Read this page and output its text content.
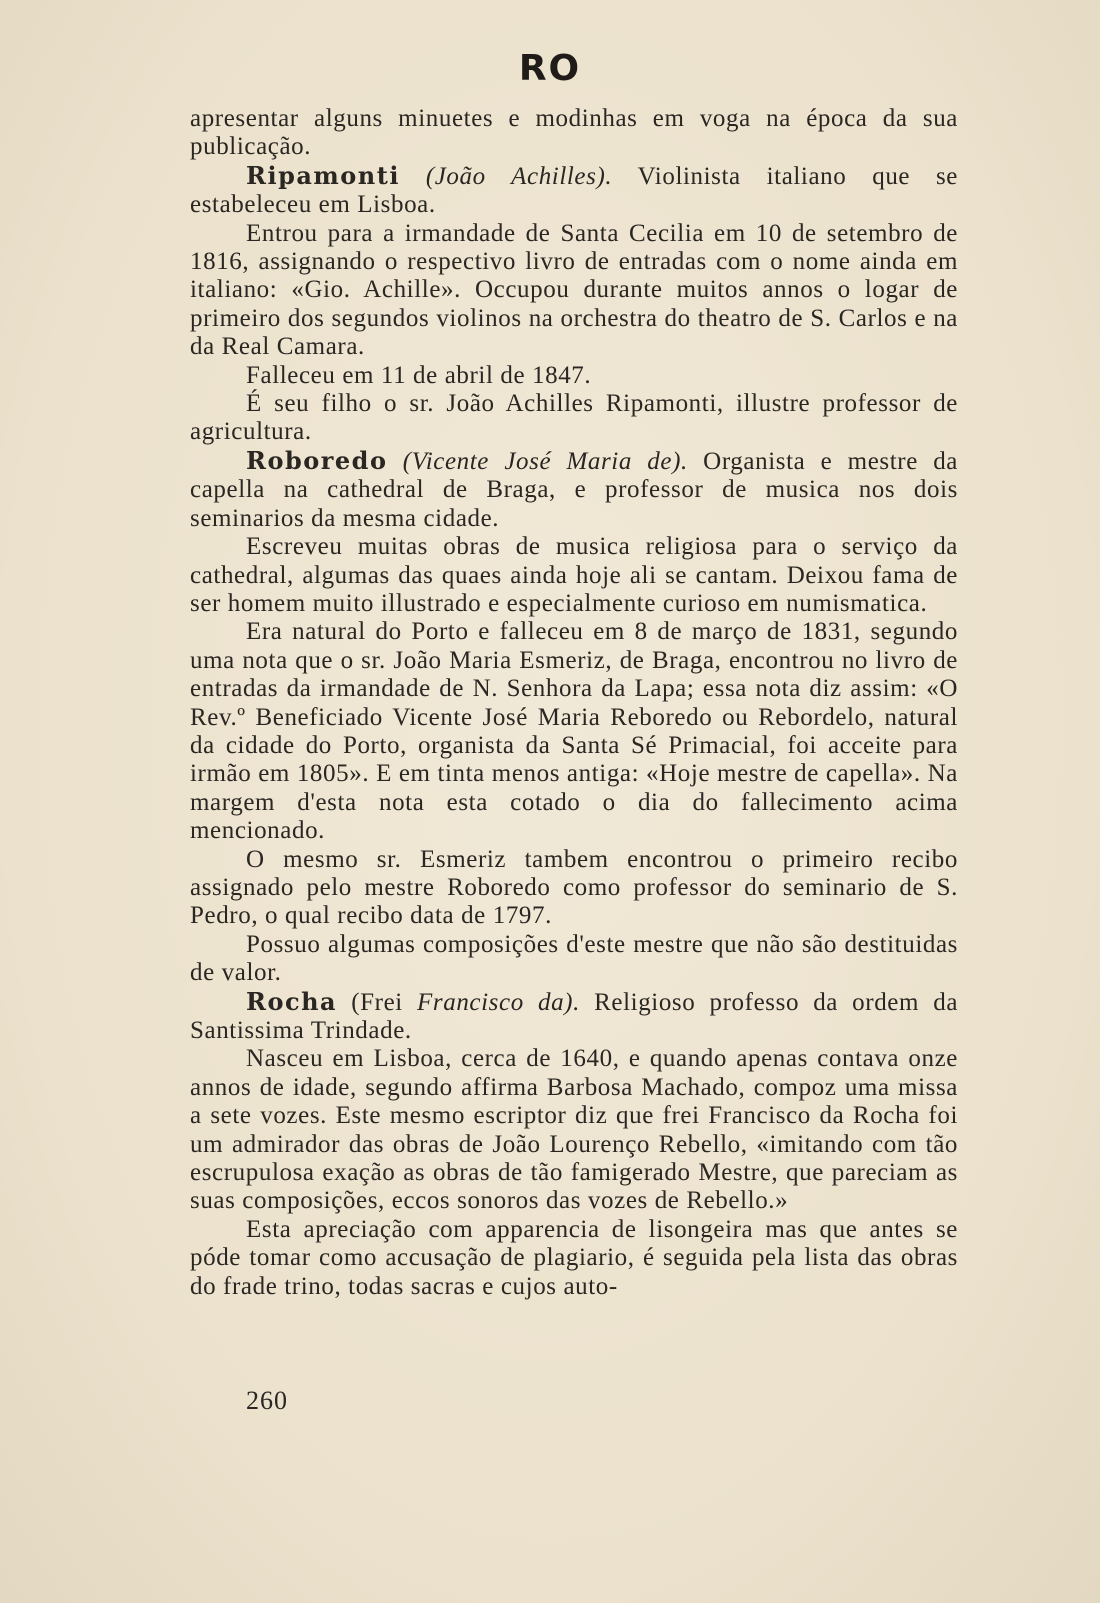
RO

apresentar alguns minuetes e modinhas em voga na época da sua publicação.

Ripamonti (João Achilles). Violinista italiano que se estabeleceu em Lisboa.

Entrou para a irmandade de Santa Cecilia em 10 de setembro de 1816, assignando o respectivo livro de entradas com o nome ainda em italiano: «Gio. Achille». Occupou durante muitos annos o logar de primeiro dos segundos violinos na orchestra do theatro de S. Carlos e na da Real Camara.

Falleceu em 11 de abril de 1847.

É seu filho o sr. João Achilles Ripamonti, illustre professor de agricultura.

Roboredo (Vicente José Maria de). Organista e mestre da capella na cathedral de Braga, e professor de musica nos dois seminarios da mesma cidade.

Escreveu muitas obras de musica religiosa para o serviço da cathedral, algumas das quaes ainda hoje ali se cantam. Deixou fama de ser homem muito illustrado e especialmente curioso em numismatica.

Era natural do Porto e falleceu em 8 de março de 1831, segundo uma nota que o sr. João Maria Esmeriz, de Braga, encontrou no livro de entradas da irmandade de N. Senhora da Lapa; essa nota diz assim: «O Rev.º Beneficiado Vicente José Maria Reboredo ou Rebordelo, natural da cidade do Porto, organista da Santa Sé Primacial, foi acceite para irmão em 1805». E em tinta menos antiga: «Hoje mestre de capella». Na margem d'esta nota esta cotado o dia do fallecimento acima mencionado.

O mesmo sr. Esmeriz tambem encontrou o primeiro recibo assignado pelo mestre Roboredo como professor do seminario de S. Pedro, o qual recibo data de 1797.

Possuo algumas composições d'este mestre que não são destituidas de valor.

Rocha (Frei Francisco da). Religioso professo da ordem da Santissima Trindade.

Nasceu em Lisboa, cerca de 1640, e quando apenas contava onze annos de idade, segundo affirma Barbosa Machado, compoz uma missa a sete vozes. Este mesmo escriptor diz que frei Francisco da Rocha foi um admirador das obras de João Lourenço Rebello, «imitando com tão escrupulosa exação as obras de tão famigerado Mestre, que pareciam as suas composições, eccos sonoros das vozes de Rebello.»

Esta apreciação com apparencia de lisongeira mas que antes se póde tomar como accusação de plagiario, é seguida pela lista das obras do frade trino, todas sacras e cujos auto-

260
